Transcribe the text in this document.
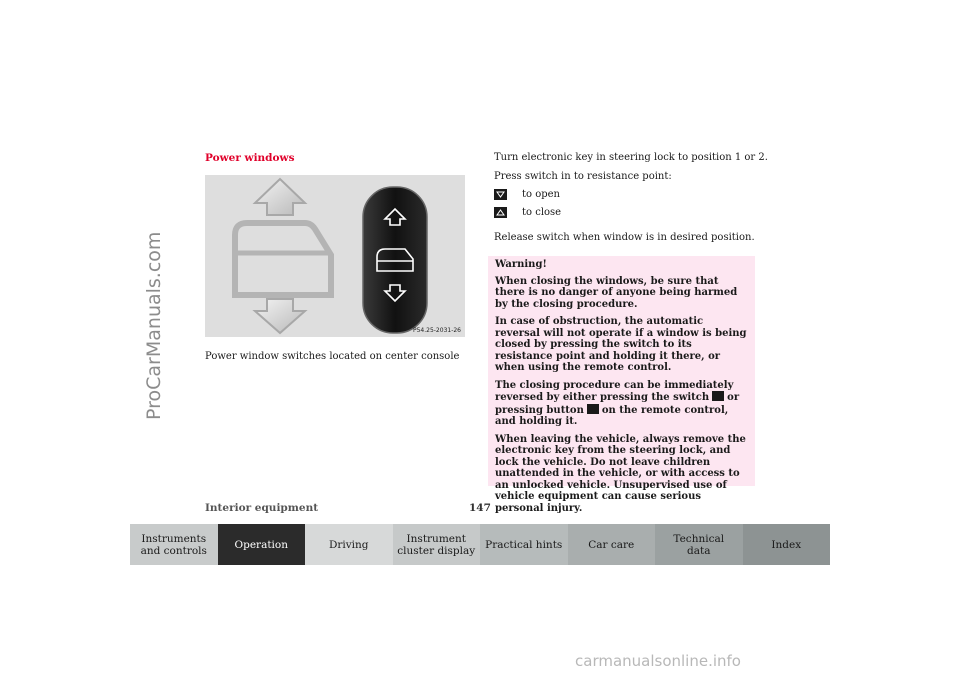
ProCarManuals.com
Power windows
P54.25-2031-26
Power window switches located on center console
Turn electronic key in steering lock to position 1 or 2.
Press switch in to resistance point:
to open
to close
Release switch when window is in desired position.

Warning!

When closing the windows, be sure that there is no danger of anyone being harmed by the closing procedure.

In case of obstruction, the automatic reversal will not operate if a window is being closed by pressing the switch to its resistance point and holding it there, or when using the remote control.

The closing procedure can be immediately reversed by either pressing the switch or pressing button on the remote control, and holding it.

When leaving the vehicle, always remove the electronic key from the steering lock, and lock the vehicle. Do not leave children unattended in the vehicle, or with access to an unlocked vehicle. Unsupervised use of vehicle equipment can cause serious personal injury.

Interior equipment	147
Instruments
and controls	Operation	Driving	Instrument
cluster display Practical hints Car care	Technical
data	Index
carmanualsonline.info
